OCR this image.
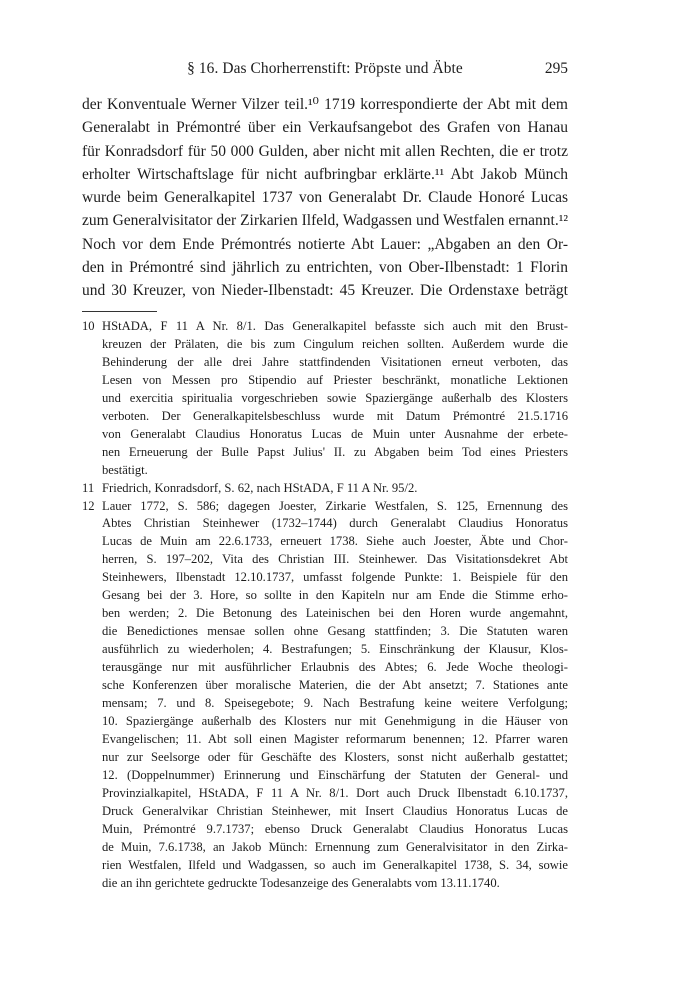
§ 16. Das Chorherrenstift: Pröpste und Äbte	295
der Konventuale Werner Vilzer teil.¹⁰ 1719 korrespondierte der Abt mit dem
Generalabt in Prémontré über ein Verkaufsangebot des Grafen von Hanau
für Konradsdorf für 50 000 Gulden, aber nicht mit allen Rechten, die er trotz
erholter Wirtschaftslage für nicht aufbringbar erklärte.¹¹ Abt Jakob Münch
wurde beim Generalkapitel 1737 von Generalabt Dr. Claude Honoré Lucas
zum Generalvisitator der Zirkarien Ilfeld, Wadgassen und Westfalen ernannt.¹²
Noch vor dem Ende Prémontrés notierte Abt Lauer: „Abgaben an den Or-
den in Prémontré sind jährlich zu entrichten, von Ober-Ilbenstadt: 1 Florin
und 30 Kreuzer, von Nieder-Ilbenstadt: 45 Kreuzer. Die Ordenstaxe beträgt
10 HStADA, F 11 A Nr. 8/1. Das Generalkapitel befasste sich auch mit den Brust-
kreuzen der Prälaten, die bis zum Cingulum reichen sollten. Außerdem wurde die
Behinderung der alle drei Jahre stattfindenden Visitationen erneut verboten, das
Lesen von Messen pro Stipendio auf Priester beschränkt, monatliche Lektionen
und exercitia spiritualia vorgeschrieben sowie Spaziergänge außerhalb des Klosters
verboten. Der Generalkapitelsbeschluss wurde mit Datum Prémontré 21.5.1716
von Generalabt Claudius Honoratus Lucas de Muin unter Ausnahme der erbete-
nen Erneuerung der Bulle Papst Julius' II. zu Abgaben beim Tod eines Priesters
bestätigt.
11 Friedrich, Konradsdorf, S. 62, nach HStADA, F 11 A Nr. 95/2.
12 Lauer 1772, S. 586; dagegen Joester, Zirkarie Westfalen, S. 125, Ernennung des
Abtes Christian Steinhewer (1732–1744) durch Generalabt Claudius Honoratus
Lucas de Muin am 22.6.1733, erneuert 1738. Siehe auch Joester, Äbte und Chor-
herren, S. 197–202, Vita des Christian III. Steinhewer. Das Visitationsdekret Abt
Steinhewers, Ilbenstadt 12.10.1737, umfasst folgende Punkte: 1. Beispiele für den
Gesang bei der 3. Hore, so sollte in den Kapiteln nur am Ende die Stimme erho-
ben werden; 2. Die Betonung des Lateinischen bei den Horen wurde angemahnt,
die Benedictiones mensae sollen ohne Gesang stattfinden; 3. Die Statuten waren
ausführlich zu wiederholen; 4. Bestrafungen; 5. Einschränkung der Klausur, Klos-
terausgänge nur mit ausführlicher Erlaubnis des Abtes; 6. Jede Woche theologi-
sche Konferenzen über moralische Materien, die der Abt ansetzt; 7. Stationes ante
mensam; 7. und 8. Speisegebote; 9. Nach Bestrafung keine weitere Verfolgung;
10. Spaziergänge außerhalb des Klosters nur mit Genehmigung in die Häuser von
Evangelischen; 11. Abt soll einen Magister reformarum benennen; 12. Pfarrer waren
nur zur Seelsorge oder für Geschäfte des Klosters, sonst nicht außerhalb gestattet;
12. (Doppelnummer) Erinnerung und Einschärfung der Statuten der General- und
Provinzialkapitel, HStADA, F 11 A Nr. 8/1. Dort auch Druck Ilbenstadt 6.10.1737,
Druck Generalvikar Christian Steinhewer, mit Insert Claudius Honoratus Lucas de
Muin, Prémontré 9.7.1737; ebenso Druck Generalabt Claudius Honoratus Lucas
de Muin, 7.6.1738, an Jakob Münch: Ernennung zum Generalvisitator in den Zirka-
rien Westfalen, Ilfeld und Wadgassen, so auch im Generalkapitel 1738, S. 34, sowie
die an ihn gerichtete gedruckte Todesanzeige des Generalabts vom 13.11.1740.
